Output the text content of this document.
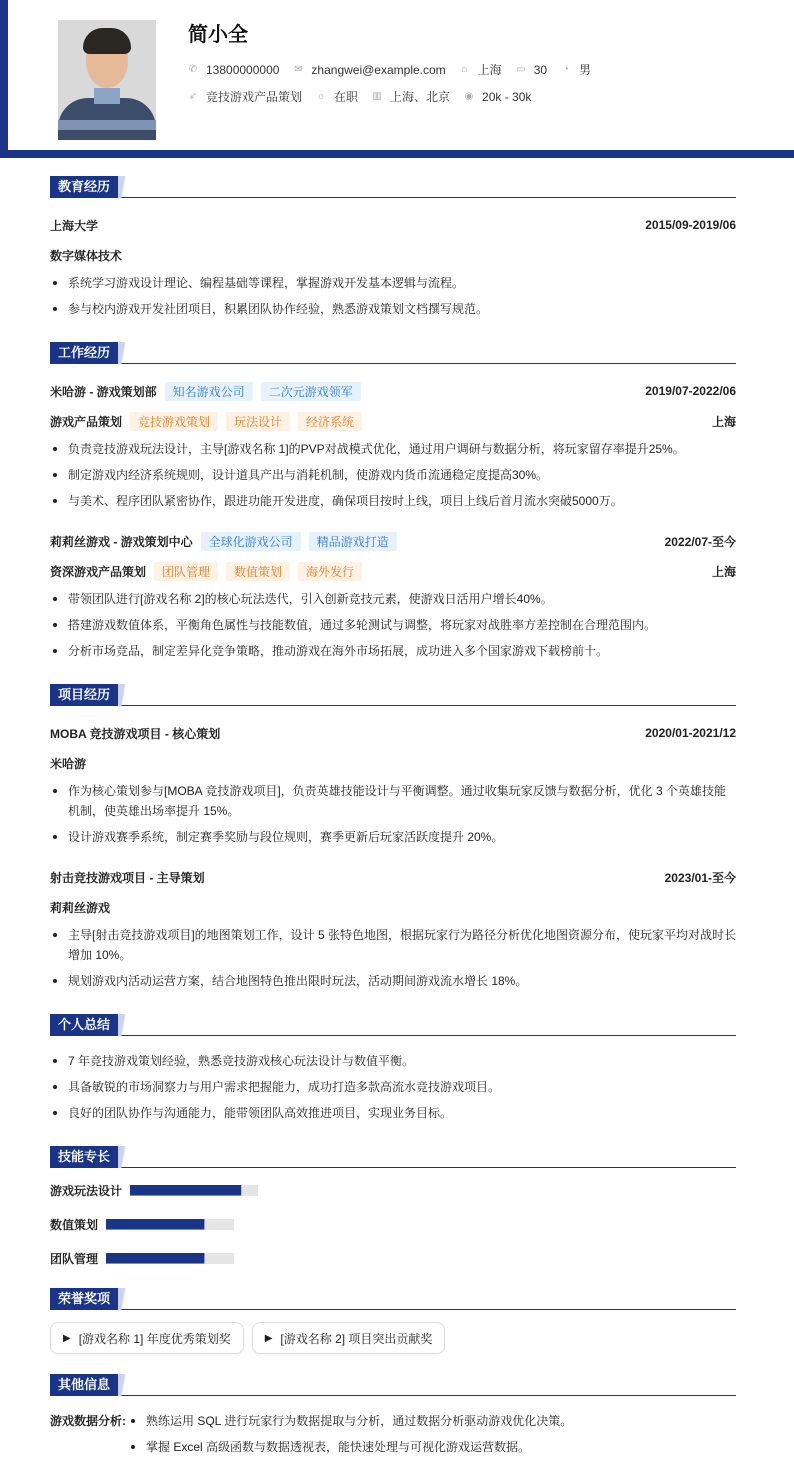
简小全
✆ 13800000000 ✉ zhangwei@example.com ⌂ 上海 ▭ 30 ◔ 男
➶ 竞技游戏产品策划 ☼ 在职 ▥ 上海、北京 ◉ 20k - 30k
教育经历
上海大学	2015/09-2019/06
数字媒体技术
系统学习游戏设计理论、编程基础等课程，掌握游戏开发基本逻辑与流程。
参与校内游戏开发社团项目，积累团队协作经验，熟悉游戏策划文档撰写规范。
工作经历
米哈游 - 游戏策划部	知名游戏公司	二次元游戏领军	2019/07-2022/06
游戏产品策划	竞技游戏策划	玩法设计	经济系统	上海
负责竞技游戏玩法设计，主导[游戏名称 1]的PVP对战模式优化，通过用户调研与数据分析，将玩家留存率提升25%。
制定游戏内经济系统规则，设计道具产出与消耗机制，使游戏内货币流通稳定度提高30%。
与美术、程序团队紧密协作，跟进功能开发进度，确保项目按时上线，项目上线后首月流水突破5000万。
莉莉丝游戏 - 游戏策划中心	全球化游戏公司	精品游戏打造	2022/07-至今
资深游戏产品策划	团队管理	数值策划	海外发行	上海
带领团队进行[游戏名称 2]的核心玩法迭代，引入创新竞技元素，使游戏日活用户增长40%。
搭建游戏数值体系，平衡角色属性与技能数值，通过多轮测试与调整，将玩家对战胜率方差控制在合理范围内。
分析市场竞品，制定差异化竞争策略，推动游戏在海外市场拓展，成功进入多个国家游戏下载榜前十。
项目经历
MOBA 竞技游戏项目 - 核心策划	2020/01-2021/12
米哈游
作为核心策划参与[MOBA 竞技游戏项目]，负责英雄技能设计与平衡调整。通过收集玩家反馈与数据分析，优化 3 个英雄技能机制，使英雄出场率提升 15%。
设计游戏赛季系统，制定赛季奖励与段位规则，赛季更新后玩家活跃度提升 20%。
射击竞技游戏项目 - 主导策划	2023/01-至今
莉莉丝游戏
主导[射击竞技游戏项目]的地图策划工作，设计 5 张特色地图，根据玩家行为路径分析优化地图资源分布，使玩家平均对战时长增加 10%。
规划游戏内活动运营方案，结合地图特色推出限时玩法，活动期间游戏流水增长 18%。
个人总结
7 年竞技游戏策划经验，熟悉竞技游戏核心玩法设计与数值平衡。
具备敏锐的市场洞察力与用户需求把握能力，成功打造多款高流水竞技游戏项目。
良好的团队协作与沟通能力，能带领团队高效推进项目，实现业务目标。
技能专长
游戏玩法设计
数值策划
团队管理
荣誉奖项
▶ [游戏名称 1] 年度优秀策划奖	▶ [游戏名称 2] 项目突出贡献奖
其他信息
游戏数据分析:	熟练运用 SQL 进行玩家行为数据提取与分析，通过数据分析驱动游戏优化决策。
掌握 Excel 高级函数与数据透视表，能快速处理与可视化游戏运营数据。
